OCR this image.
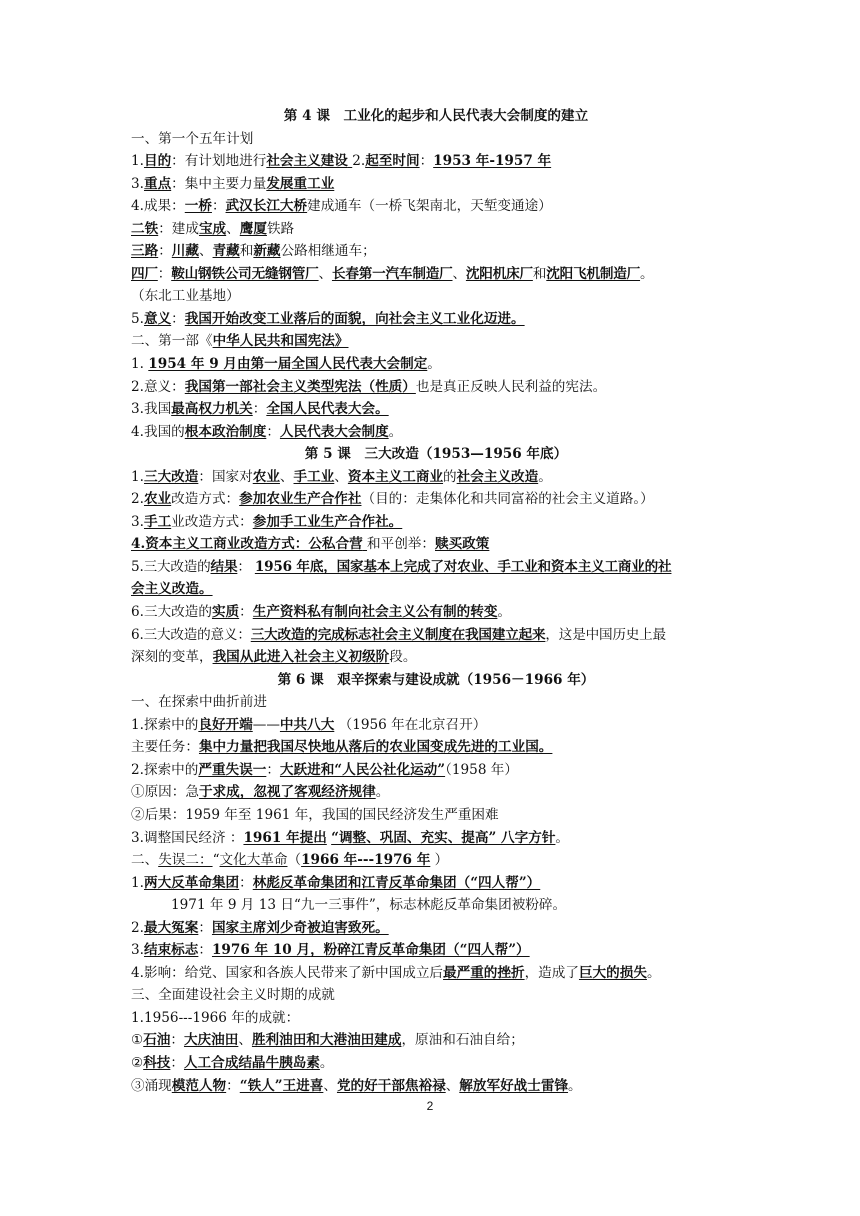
第 4 课　工业化的起步和人民代表大会制度的建立
一、第一个五年计划
1.目的：有计划地进行社会主义建设 2.起至时间：1953 年-1957 年
3.重点：集中主要力量发展重工业
4.成果：一桥：武汉长江大桥建成通车（一桥飞架南北，天堑变通途）
二铁：建成宝成、鹰厦铁路
三路：川藏、青藏和新藏公路相继通车；
四厂：鞍山钢铁公司无缝钢管厂、长春第一汽车制造厂、沈阳机床厂和沈阳飞机制造厂。
（东北工业基地）
5.意义：我国开始改变工业落后的面貌，向社会主义工业化迈进。
二、第一部《中华人民共和国宪法》
1. 1954 年 9 月由第一届全国人民代表大会制定。
2.意义：我国第一部社会主义类型宪法（性质）也是真正反映人民利益的宪法。
3.我国最高权力机关：全国人民代表大会。
4.我国的根本政治制度：人民代表大会制度。
第 5 课　三大改造（1953—1956 年底）
1.三大改造：国家对农业、手工业、资本主义工商业的社会主义改造。
2.农业改造方式：参加农业生产合作社（目的：走集体化和共同富裕的社会主义道路。）
3.手工业改造方式：参加手工业生产合作社。
4.资本主义工商业改造方式：公私合营 和平创举：赎买政策
5.三大改造的结果： 1956 年底，国家基本上完成了对农业、手工业和资本主义工商业的社
会主义改造。
6.三大改造的实质：生产资料私有制向社会主义公有制的转变。
6.三大改造的意义：三大改造的完成标志社会主义制度在我国建立起来，这是中国历史上最
深刻的变革，我国从此进入社会主义初级阶段。
第 6 课　艰辛探索与建设成就（1956－1966 年）
一、在探索中曲折前进
1.探索中的良好开端——中共八大 （1956 年在北京召开）
主要任务：集中力量把我国尽快地从落后的农业国变成先进的工业国。
2.探索中的严重失误一：大跃进和“人民公社化运动”（1958 年）
①原因：急于求成，忽视了客观经济规律。
②后果：1959 年至 1961 年，我国的国民经济发生严重困难
3.调整国民经济 ：1961 年提出 “调整、巩固、充实、提高” 八字方针。
二、失误二：“文化大革命（1966 年---1976 年 ）
1.两大反革命集团：林彪反革命集团和江青反革命集团（“四人帮”）
1971 年 9 月 13 日“九一三事件”，标志林彪反革命集团被粉碎。
2.最大冤案：国家主席刘少奇被迫害致死。
3.结束标志：1976 年 10 月，粉碎江青反革命集团（“四人帮”）
4.影响：给党、国家和各族人民带来了新中国成立后最严重的挫折，造成了巨大的损失。
三、全面建设社会主义时期的成就
1.1956---1966 年的成就：
①石油：大庆油田、胜利油田和大港油田建成，原油和石油自给；
②科技：人工合成结晶牛胰岛素。
③涌现模范人物：“铁人”王进喜、党的好干部焦裕禄、解放军好战士雷锋。
2
